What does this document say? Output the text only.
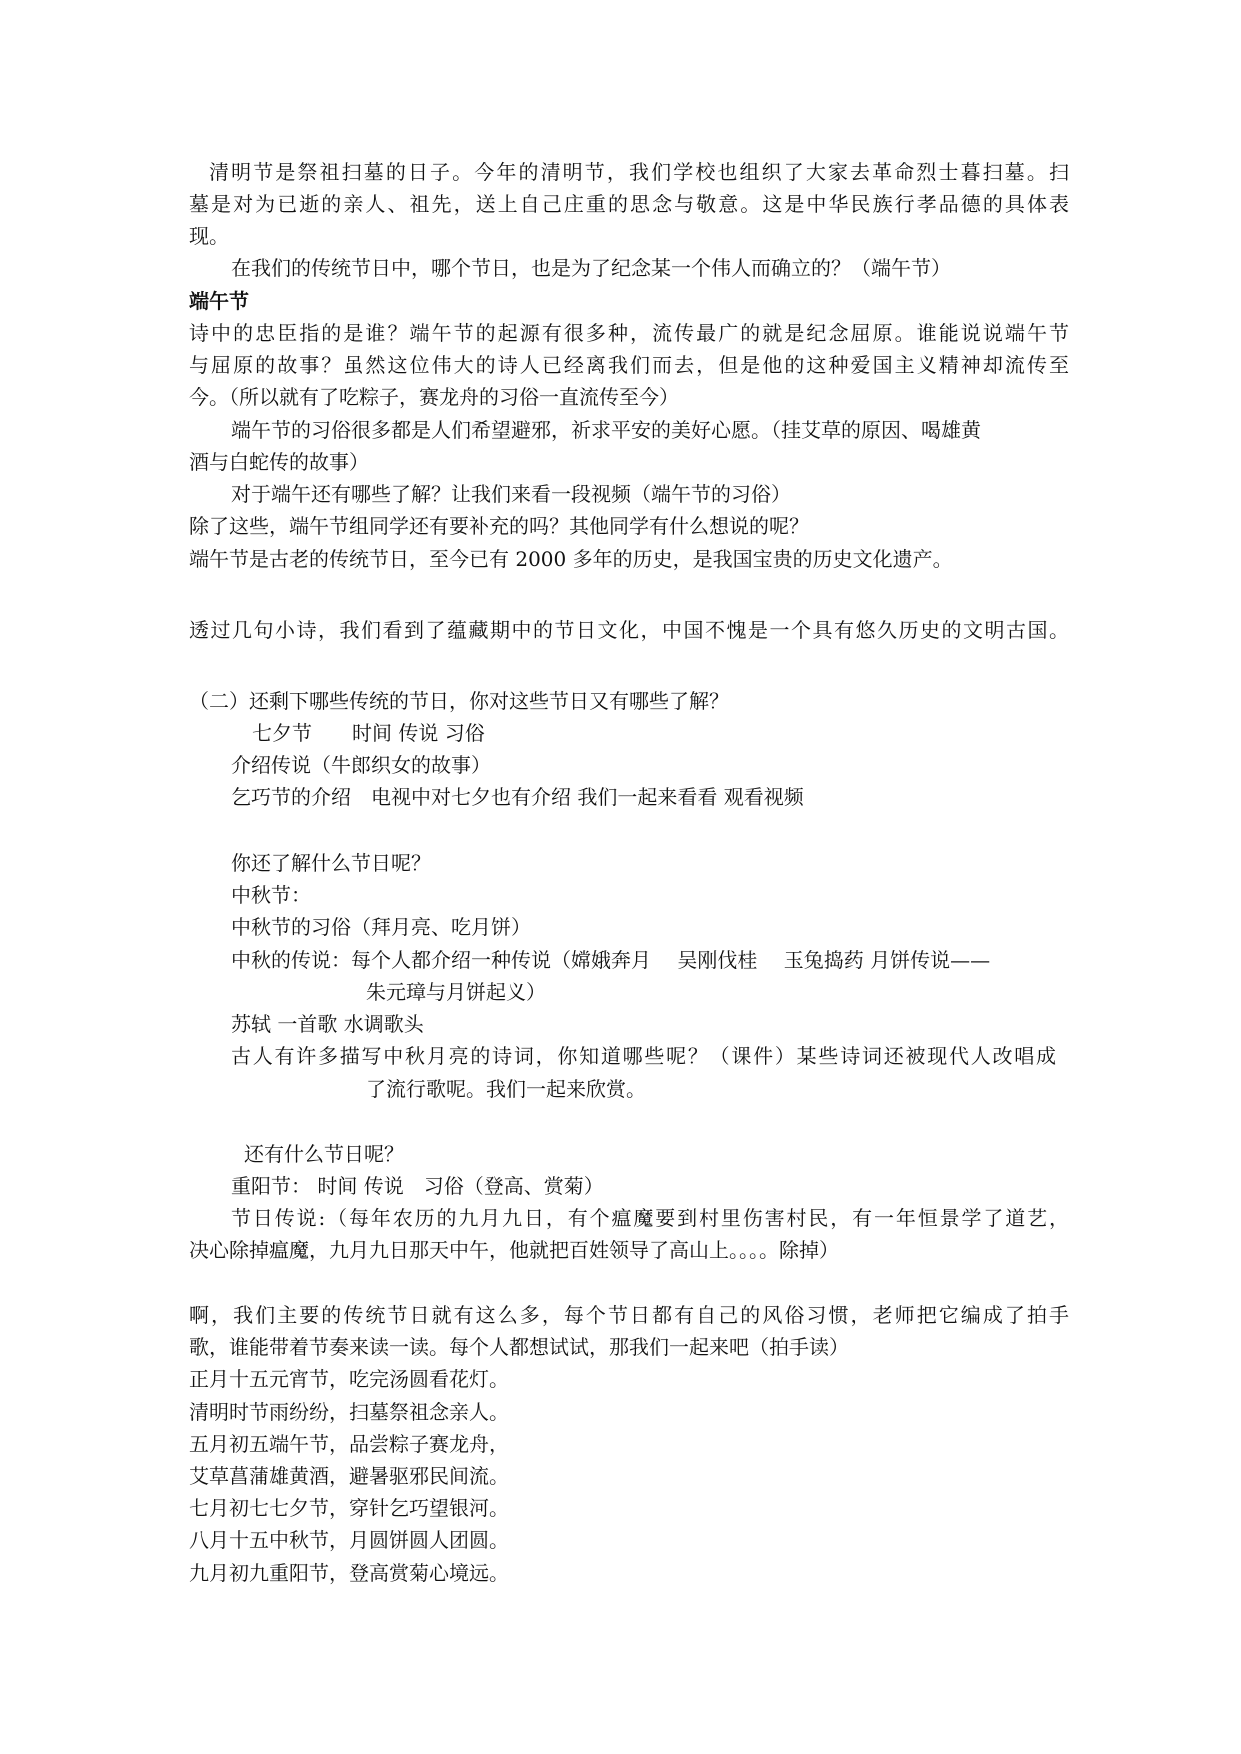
清明节是祭祖扫墓的日子。今年的清明节，我们学校也组织了大家去革命烈士暮扫墓。扫
墓是对为已逝的亲人、祖先，送上自己庄重的思念与敬意。这是中华民族行孝品德的具体表
现。
在我们的传统节日中，哪个节日，也是为了纪念某一个伟人而确立的？（端午节）
端午节
诗中的忠臣指的是谁？端午节的起源有很多种，流传最广的就是纪念屈原。谁能说说端午节
与屈原的故事？虽然这位伟大的诗人已经离我们而去，但是他的这种爱国主义精神却流传至
今。（所以就有了吃粽子，赛龙舟的习俗一直流传至今）
端午节的习俗很多都是人们希望避邪，祈求平安的美好心愿。（挂艾草的原因、喝雄黄
酒与白蛇传的故事）
对于端午还有哪些了解？让我们来看一段视频（端午节的习俗）
除了这些，端午节组同学还有要补充的吗？其他同学有什么想说的呢？
端午节是古老的传统节日，至今已有 2000 多年的历史，是我国宝贵的历史文化遗产。
透过几句小诗，我们看到了蕴藏期中的节日文化，中国不愧是一个具有悠久历史的文明古国。
（二）还剩下哪些传统的节日，你对这些节日又有哪些了解？
七夕节　　时间 传说 习俗
介绍传说（牛郎织女的故事）
乞巧节的介绍　电视中对七夕也有介绍 我们一起来看看 观看视频
你还了解什么节日呢？
中秋节：
中秋节的习俗（拜月亮、吃月饼）
中秋的传说：每个人都介绍一种传说（嫦娥奔月　 吴刚伐桂　 玉兔捣药 月饼传说——
朱元璋与月饼起义）
苏轼 一首歌 水调歌头
古人有许多描写中秋月亮的诗词，你知道哪些呢？（课件）某些诗词还被现代人改唱成
了流行歌呢。我们一起来欣赏。
还有什么节日呢？
重阳节： 时间 传说　习俗（登高、赏菊）
节日传说:（每年农历的九月九日，有个瘟魔要到村里伤害村民，有一年恒景学了道艺，
决心除掉瘟魔，九月九日那天中午，他就把百姓领导了高山上。。。。除掉）
啊，我们主要的传统节日就有这么多，每个节日都有自己的风俗习惯，老师把它编成了拍手
歌，谁能带着节奏来读一读。每个人都想试试，那我们一起来吧（拍手读）
正月十五元宵节，吃完汤圆看花灯。
清明时节雨纷纷，扫墓祭祖念亲人。
五月初五端午节，品尝粽子赛龙舟，
艾草菖蒲雄黄酒，避暑驱邪民间流。
七月初七七夕节，穿针乞巧望银河。
八月十五中秋节，月圆饼圆人团圆。
九月初九重阳节，登高赏菊心境远。
